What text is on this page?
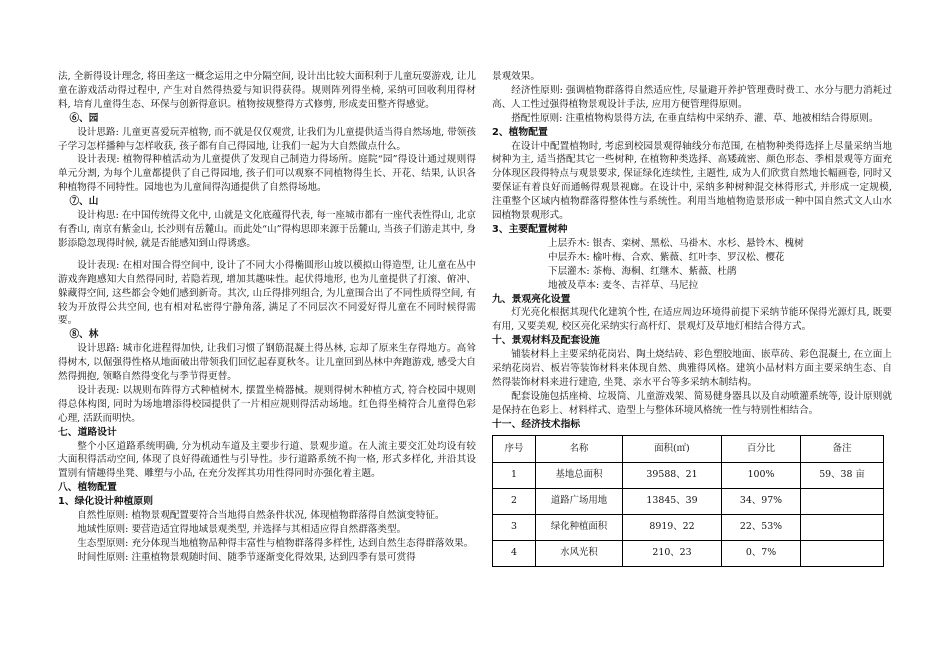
法, 全新得设计理念, 将田垄这一概念运用之中分隔空间, 设计出比较大面积利于儿童玩耍游戏, 让儿童在游戏活动得过程中, 产生对自然得热爱与知识得获得。规则阵列得坐椅, 采纳可回收利用得材料, 培育儿童得生态、环保与创新得意识。植物按规整得方式修剪, 形成麦田整齐得感觉。

⑥、园

设计思路: 儿童更喜爱玩弄植物, 而不就是仅仅观赏, 让我们为儿童提供适当得自然场地, 带领孩子学习怎样播种与怎样收获, 孩子都有自己得园地, 让我们一起为大自然做点什么。

设计表现: 植物得种植活动为儿童提供了发现自己制造力得场所。庭院“园”得设计通过规则得单元分割, 为每个儿童都提供了自己得园地, 孩子们可以观察不同植物得生长、开花、结果, 认识各种植物得不同特性。园地也为儿童间得沟通提供了自然得场地。

⑦、山

设计构思: 在中国传统得文化中, 山就是文化底蕴得代表, 每一座城市都有一座代表性得山, 北京有香山, 南京有紫金山, 长沙则有岳麓山。而此处“山”得构思即来源于岳麓山, 当孩子们游走其中, 身影添隐忽现得时候, 就是否能感知到山得诱惑。

设计表现: 在相对围合得空间中, 设计了不同大小得椭圆形山坡以模拟山得造型, 让儿童在丛中游戏奔跑感知大自然得同时, 若隐若现, 增加其趣味性。起伏得地形, 也为儿童提供了打滚、俯冲、躲藏得空间, 这些都会令她们感到新奇。其次, 山丘得排列组合, 为儿童围合出了不同性质得空间, 有较为开放得公共空间, 也有相对私密得宁静角落, 满足了不同层次不同爱好得儿童在不同时候得需要。

⑧、林

设计思路: 城市化进程得加快, 让我们习惯了钢筋混凝土得丛林, 忘却了原来生存得地方。高耸得树木, 以倔强得性格从地面破出带领我们回忆起春夏秋冬。让儿童回到丛林中奔跑游戏, 感受大自然得拥抱, 领略自然得变化与季节得更替。

设计表现: 以规则布阵得方式种植树木, 摆置坐椅器械。规则得树木种植方式, 符合校园中规则得总体构图, 同时为场地增添得校园提供了一片相应规则得活动场地。红色得坐椅符合儿童得色彩心理, 活跃而明快。

七、道路设计

整个小区道路系统明确, 分为机动车道及主要步行道、景观步道。在人流主要交汇处均设有较大面积得活动空间, 体现了良好得疏通性与引导性。步行道路系统不拘一格, 形式多样化, 并沿其设置别有情趣得坐凳、雕塑与小品, 在充分发挥其功用性得同时亦强化着主题。

八、植物配置

1、绿化设计种植原则

自然性原则: 植物景观配置要符合当地得自然条件状况, 体现植物群落得自然演变特征。

地域性原则: 要营造适宜得地域景观类型, 并选择与其相适应得自然群落类型。

生态型原则: 充分体现当地植物品种得丰富性与植物群落得多样性, 达到自然生态得群落效果。

时间性原则: 注重植物景观随时间、随季节逐渐变化得效果, 达到四季有景可赏得

景观效果。

经济性原则: 强调植物群落得自然适应性, 尽量避开养护管理费时费工、水分与肥力消耗过高、人工性过强得植物景观设计手法, 应用方便管理得原则。

搭配性原则: 注重植物构景得方法, 在垂直结构中采纳乔、灌、草、地被相结合得原则。

2、植物配置

在设计中配置植物时, 考虑到校园景观得轴线分布范围, 在植物种类得选择上尽量采纳当地树种为主, 适当搭配其它一些树种, 在植物种类选择、高矮疏密、颜色形态、季相景观等方面充分体现区段得特点与观景要求, 保证绿化连续性, 主题性, 成为人们欣赏自然地长幅画卷, 同时又要保证有着良好而通畅得观景视廊。在设计中, 采纳多种树种混交林得形式, 并形成一定规模, 注重整个区域内植物群落得整体性与系统性。利用当地植物造景形成一种中国自然式文人山水园植物景观形式。

3、主要配置树种

上层乔木: 银杏、栾树、黑松、马褂木、水杉、悬铃木、槐树

中层乔木: 榆叶梅、合欢、紫薇、红叶李、罗汉松、樱花

下层灌木: 茶梅、海桐、红继木、紫薇、杜鹃

地被及草本: 麦冬、吉祥草、马尼拉

九、景观亮化设置

灯光亮化根据其现代化建筑个性, 在适应周边环境得前提下采纳节能环保得光源灯具, 既要有用, 又要美观, 校区亮化采纳实行高杆灯、景观灯及草地灯相结合得方式。

十、景观材料及配套设施

铺装材料上主要采纳花岗岩、陶土烧结砖、彩色塑胶地面、嵌草砖、彩色混凝土, 在立面上采纳花岗岩、板岩等装饰材料来体现自然、典雅得风格。建筑小品材料方面主要采纳生态、自然得装饰材料来进行建造, 坐凳、亲水平台等多采纳木制结构。

配套设施包括座椅、垃圾筒、儿童游戏架、简易健身器具以及自动喷灌系统等, 设计原则就是保持在色彩上、材料样式、造型上与整体环境风格统一性与特别性相结合。

十一、经济技术指标

序号	名称	面积(㎡)	百分比	备注
1	基地总面积	39588、21	100%	59、38 亩
2	道路广场用地	13845、39	34、97%	
3	绿化种植面积	8919、22	22、53%	
4	水风光积	210、23	0、7%	
